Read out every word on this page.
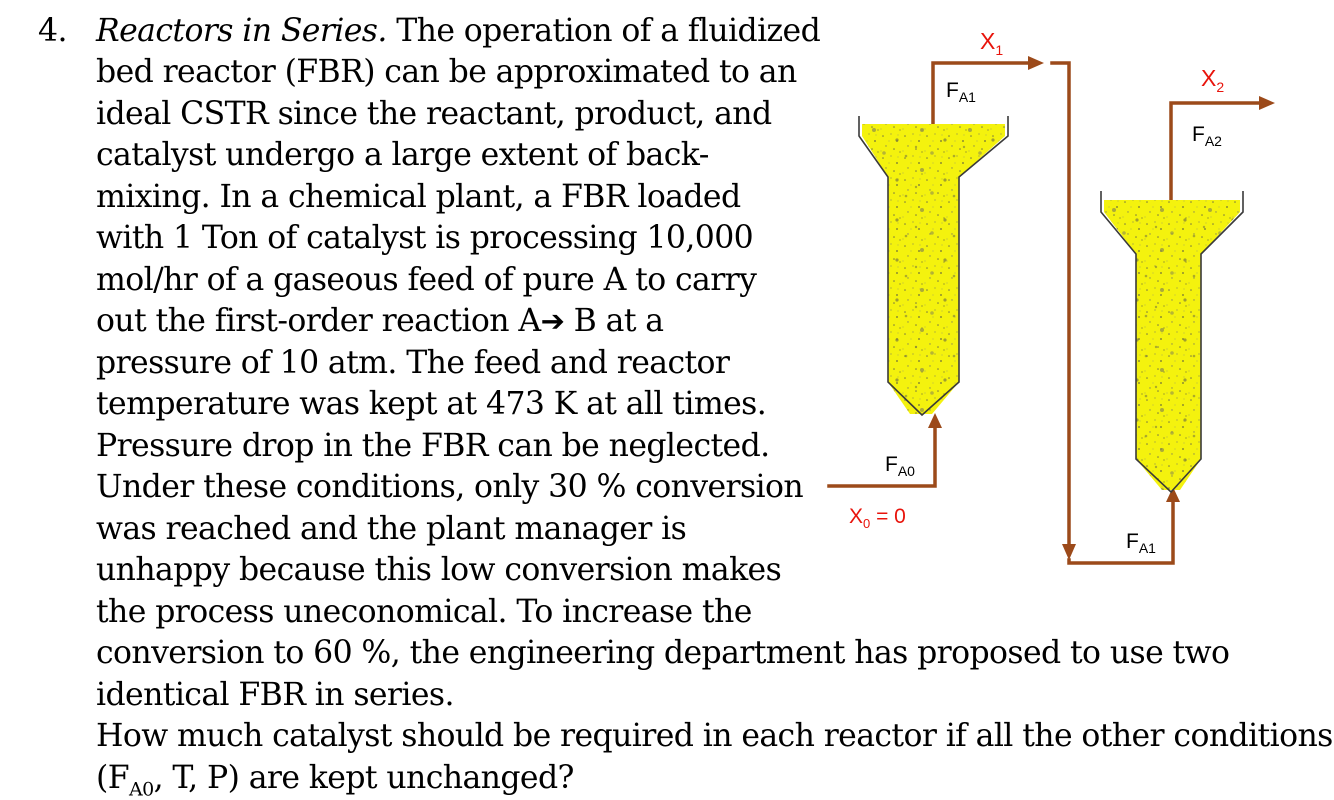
4. Reactors in Series. The operation of a fluidized
bed reactor (FBR) can be approximated to an
ideal CSTR since the reactant, product, and
catalyst undergo a large extent of back-
mixing. In a chemical plant, a FBR loaded
with 1 Ton of catalyst is processing 10,000
mol/hr of a gaseous feed of pure A to carry
out the first-order reaction A➔ B at a
pressure of 10 atm. The feed and reactor
temperature was kept at 473 K at all times.
Pressure drop in the FBR can be neglected.
Under these conditions, only 30 % conversion
was reached and the plant manager is
unhappy because this low conversion makes
the process uneconomical. To increase the
conversion to 60 %, the engineering department has proposed to use two
identical FBR in series.
How much catalyst should be required in each reactor if all the other conditions
($F_{A0}$, T, P) are kept unchanged?
$X_1$
$X_2$
$F_{A1}$
$F_{A2}$
$F_{A0}$
$X_0 = 0$
$F_{A1}$
